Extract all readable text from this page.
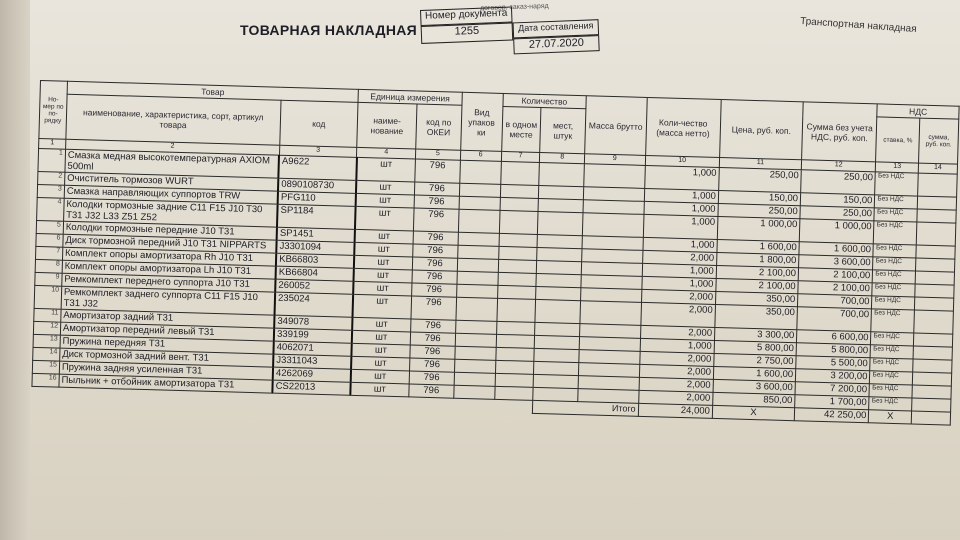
договор, заказ-наряд
ТОВАРНАЯ НАКЛАДНАЯ
Номер документа
1255	Дата составления
27.07.2020
Транспортная накладная
Но-мер по по-рядку	Товар		Единица измерения		Вид упаков ки	Количество		Масса брутто	Коли-чество (масса нетто)	Цена, руб. коп.	Сумма без учета НДС, руб. коп.	НДС	
	наименование, характеристика, сорт, артикул товара	код	наиме-нование	код по ОКЕИ		в одном месте	мест, штук					ставка, %	сумма, руб. коп.
1	2	3	4	5	6	7	8	9	10	11	12	13	14
1	Смазка медная высокотемпературная AXIOM 500ml	A9622	шт	796					1,000	250,00	250,00	Без НДС	
2	Очиститель тормозов WURT	0890108730	шт	796					1,000	150,00	150,00	Без НДС	
3	Смазка направляющих суппортов TRW	PFG110	шт	796					1,000	250,00	250,00	Без НДС	
4	Колодки тормозные задние C11 F15 J10 T30 T31 J32 L33 Z51 Z52	SP1184	шт	796					1,000	1 000,00	1 000,00	Без НДС	
5	Колодки тормозные передние J10 T31	SP1451	шт	796					1,000	1 600,00	1 600,00	Без НДС	
6	Диск тормозной передний J10 T31 NIPPARTS	J3301094	шт	796					2,000	1 800,00	3 600,00	Без НДС	
7	Комплект опоры амортизатора Rh J10 T31	KB66803	шт	796					1,000	2 100,00	2 100,00	Без НДС	
8	Комплект опоры амортизатора Lh J10 T31	KB66804	шт	796					1,000	2 100,00	2 100,00	Без НДС	
9	Ремкомплект переднего суппорта J10 T31	260052	шт	796					2,000	350,00	700,00	Без НДС	
10	Ремкомплект заднего суппорта C11 F15 J10 T31 J32	235024	шт	796					2,000	350,00	700,00	Без НДС	
11	Амортизатор задний T31	349078	шт	796					2,000	3 300,00	6 600,00	Без НДС	
12	Амортизатор передний левый T31	339199	шт	796					1,000	5 800,00	5 800,00	Без НДС	
13	Пружина передняя T31	4062071	шт	796					2,000	2 750,00	5 500,00	Без НДС	
14	Диск тормозной задний вент. T31	J3311043	шт	796					2,000	1 600,00	3 200,00	Без НДС	
15	Пружина задняя усиленная T31	4262069	шт	796					2,000	3 600,00	7 200,00	Без НДС	
16	Пыльник + отбойник амортизатора T31	CS22013	шт	796					2,000	850,00	1 700,00	Без НДС	
							Итого		24,000	X	42 250,00	X	
